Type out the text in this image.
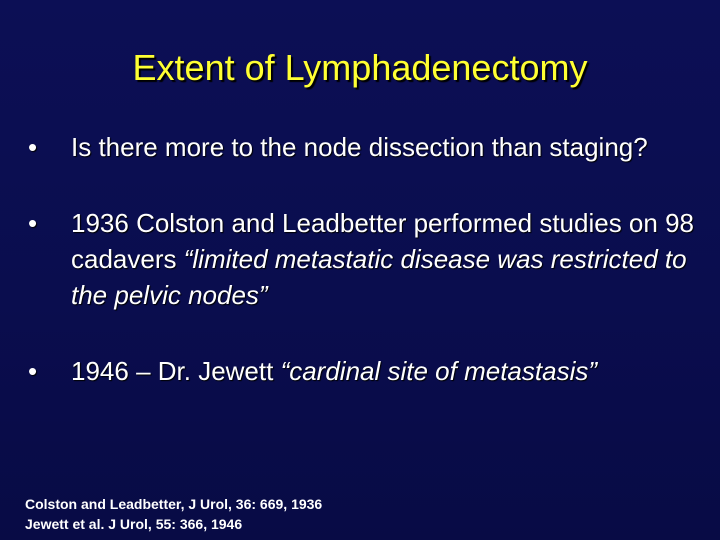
Extent of Lymphadenectomy
•	Is there more to the node dissection than staging?
•	1936 Colston and Leadbetter performed studies on 98 cadavers “limited metastatic disease was restricted to the pelvic nodes”
•	1946 – Dr. Jewett “cardinal site of metastasis”
Colston and Leadbetter, J Urol, 36: 669, 1936
Jewett et al. J Urol, 55: 366, 1946
